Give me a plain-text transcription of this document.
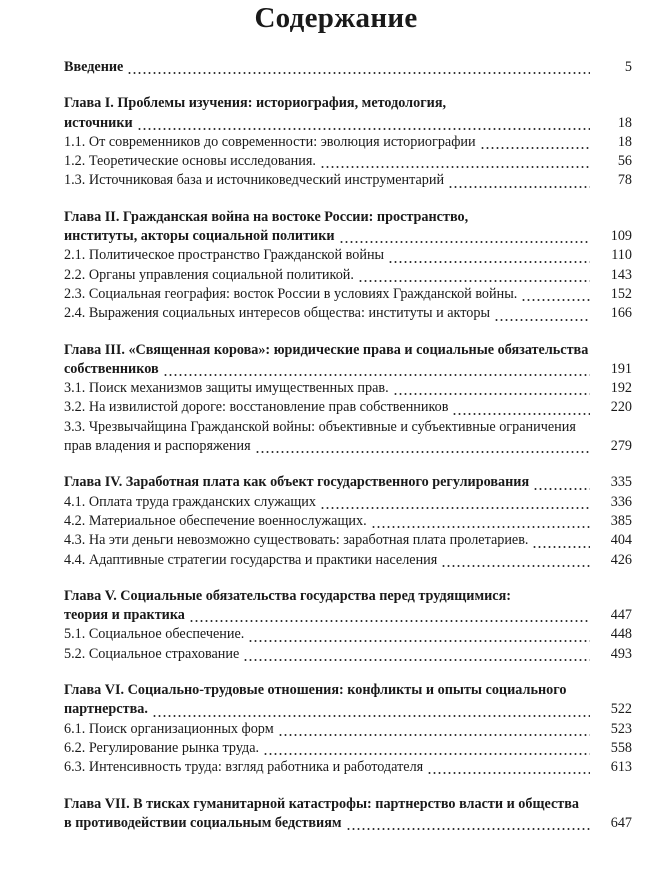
Содержание
Введение	5
Глава I. Проблемы изучения: историография, методология,
источники	18
1.1. От современников до современности: эволюция историографии	18
1.2. Теоретические основы исследования.	56
1.3. Источниковая база и источниковедческий инструментарий	78
Глава II. Гражданская война на востоке России: пространство,
институты, акторы социальной политики	109
2.1. Политическое пространство Гражданской войны	110
2.2. Органы управления социальной политикой.	143
2.3. Социальная география: восток России в условиях Гражданской войны.	152
2.4. Выражения социальных интересов общества: институты и акторы	166
Глава III. «Священная корова»: юридические права и социальные обязательства
собственников	191
3.1. Поиск механизмов защиты имущественных прав.	192
3.2. На извилистой дороге: восстановление прав собственников	220
3.3. Чрезвычайщина Гражданской войны: объективные и субъективные ограничения
прав владения и распоряжения	279
Глава IV. Заработная плата как объект государственного регулирования	335
4.1. Оплата труда гражданских служащих	336
4.2. Материальное обеспечение военнослужащих.	385
4.3. На эти деньги невозможно существовать: заработная плата пролетариев.	404
4.4. Адаптивные стратегии государства и практики населения	426
Глава V. Социальные обязательства государства перед трудящимися:
теория и практика	447
5.1. Социальное обеспечение.	448
5.2. Социальное страхование	493
Глава VI. Социально-трудовые отношения: конфликты и опыты социального
партнерства.	522
6.1. Поиск организационных форм	523
6.2. Регулирование рынка труда.	558
6.3. Интенсивность труда: взгляд работника и работодателя	613
Глава VII. В тисках гуманитарной катастрофы: партнерство власти и общества
в противодействии социальным бедствиям	647
